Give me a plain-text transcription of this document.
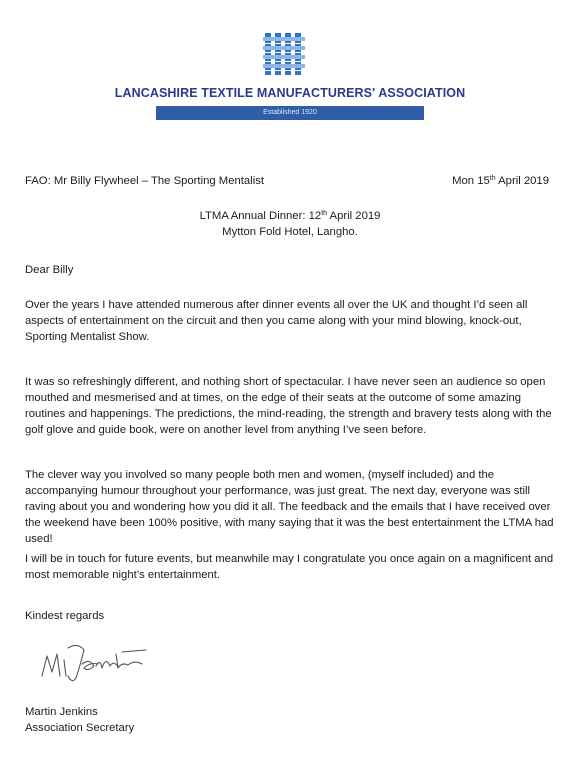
LANCASHIRE TEXTILE MANUFACTURERS' ASSOCIATION
Established 1920
FAO: Mr Billy Flywheel – The Sporting Mentalist	Mon 15th April 2019
LTMA Annual Dinner: 12th April 2019
Mytton Fold Hotel, Langho.
Dear Billy
Over the years I have attended numerous after dinner events all over the UK and thought I’d seen all aspects of entertainment on the circuit and then you came along with your mind blowing, knock-out, Sporting Mentalist Show.
It was so refreshingly different, and nothing short of spectacular. I have never seen an audience so open mouthed and mesmerised and at times, on the edge of their seats at the outcome of some amazing routines and happenings. The predictions, the mind-reading, the strength and bravery tests along with the golf glove and guide book, were on another level from anything I’ve seen before.
The clever way you involved so many people both men and women, (myself included) and the accompanying humour throughout your performance, was just great. The next day, everyone was still raving about you and wondering how you did it all. The feedback and the emails that I have received over the weekend have been 100% positive, with many saying that it was the best entertainment the LTMA had used!
I will be in touch for future events, but meanwhile may I congratulate you once again on a magnificent and most memorable night’s entertainment.
Kindest regards
Martin Jenkins
Association Secretary
